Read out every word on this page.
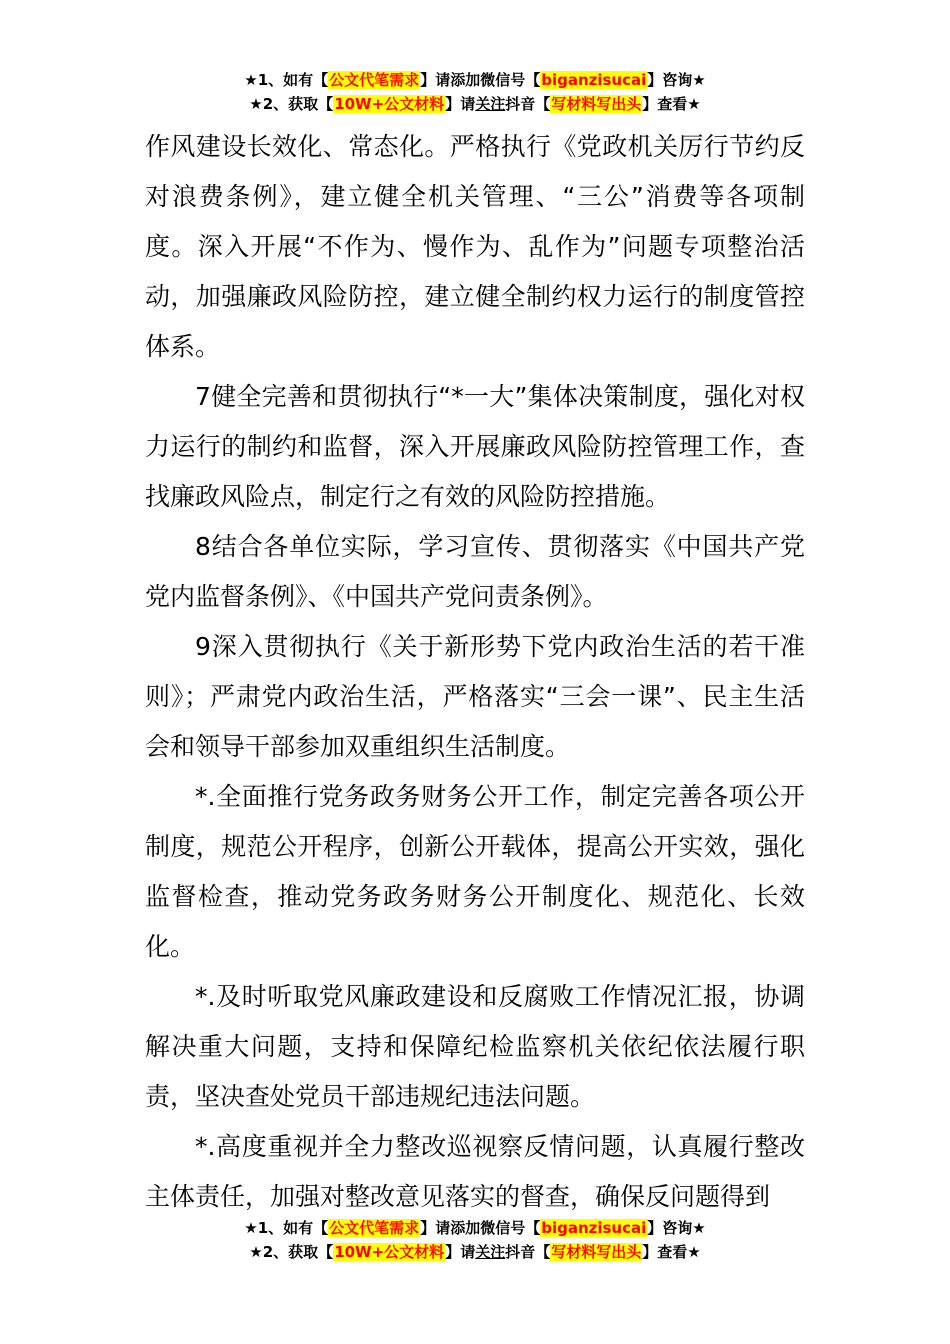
★1、如有【公文代笔需求】请添加微信号【biganzisucai】咨询★
★2、获取【10W+公文材料】请关注抖音【写材料写出头】查看★

作风建设长效化、常态化。严格执行《党政机关厉行节约反对浪费条例》，建立健全机关管理、“三公”消费等各项制度。深入开展“不作为、慢作为、乱作为”问题专项整治活动，加强廉政风险防控，建立健全制约权力运行的制度管控体系。

7健全完善和贯彻执行“*一大”集体决策制度，强化对权力运行的制约和监督，深入开展廉政风险防控管理工作，查找廉政风险点，制定行之有效的风险防控措施。

8结合各单位实际，学习宣传、贯彻落实《中国共产党党内监督条例》、《中国共产党问责条例》。

9深入贯彻执行《关于新形势下党内政治生活的若干准则》；严肃党内政治生活，严格落实“三会一课”、民主生活会和领导干部参加双重组织生活制度。

*.全面推行党务政务财务公开工作，制定完善各项公开制度，规范公开程序，创新公开载体，提高公开实效，强化监督检查，推动党务政务财务公开制度化、规范化、长效化。

*.及时听取党风廉政建设和反腐败工作情况汇报，协调解决重大问题，支持和保障纪检监察机关依纪依法履行职责，坚决查处党员干部违规纪违法问题。

*.高度重视并全力整改巡视察反情问题，认真履行整改主体责任，加强对整改意见落实的督查，确保反问题得到

★1、如有【公文代笔需求】请添加微信号【biganzisucai】咨询★
★2、获取【10W+公文材料】请关注抖音【写材料写出头】查看★
